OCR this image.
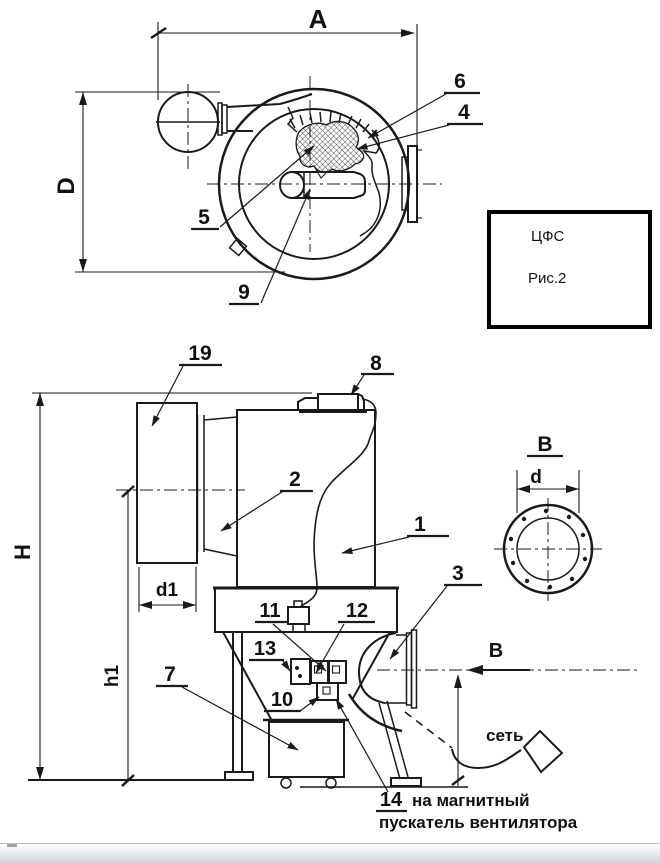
A
D
6
4
5
9
ЦФС
Рис.2
В
d
H
h1
d1
В
сеть
19	8
2
1
3
11	12
13
10
7
14 на магнитный
пускатель вентилятора
